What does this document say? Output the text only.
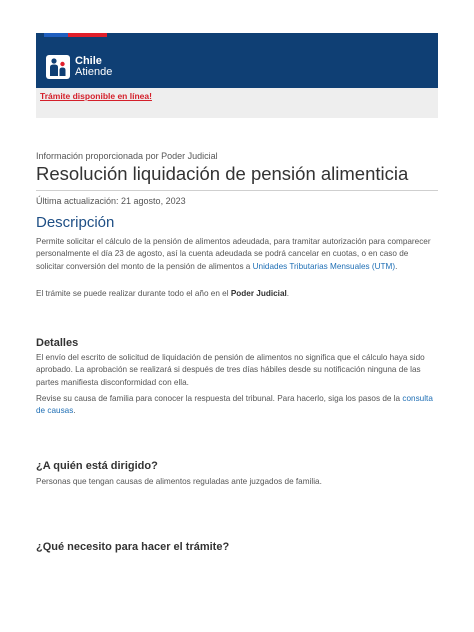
Chile
Atiende
Trámite disponible en línea!
Información proporcionada por Poder Judicial
Resolución liquidación de pensión alimenticia
Última actualización: 21 agosto, 2023
Descripción

Permite solicitar el cálculo de la pensión de alimentos adeudada, para tramitar autorización para comparecer personalmente el día 23 de agosto, así la cuenta adeudada se podrá cancelar en cuotas, o en caso de solicitar conversión del monto de la pensión de alimentos a Unidades Tributarias Mensuales (UTM).

El trámite se puede realizar durante todo el año en el Poder Judicial.

Detalles

El envío del escrito de solicitud de liquidación de pensión de alimentos no significa que el cálculo haya sido aprobado. La aprobación se realizará si después de tres días hábiles desde su notificación ninguna de las partes manifiesta disconformidad con ella.

Revise su causa de familia para conocer la respuesta del tribunal. Para hacerlo, siga los pasos de la consulta de causas.

¿A quién está dirigido?

Personas que tengan causas de alimentos reguladas ante juzgados de familia.

¿Qué necesito para hacer el trámite?
